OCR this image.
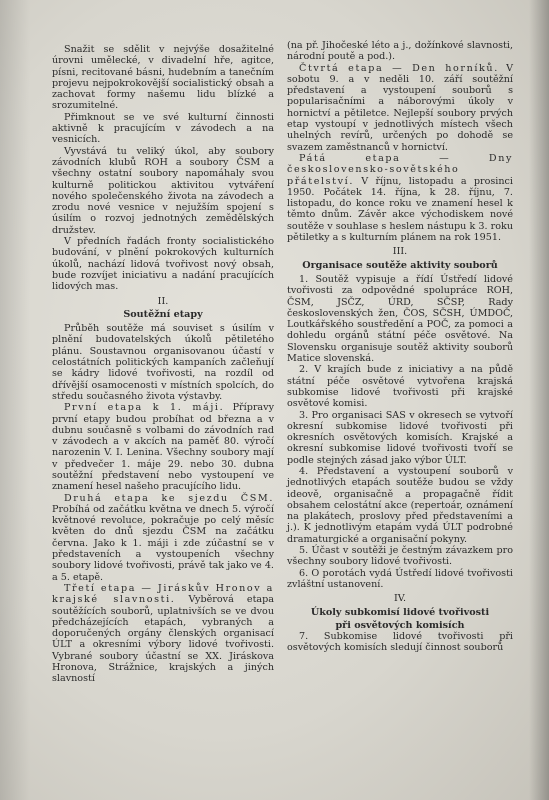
Snažit se sdělit v nejvýše dosažitelné úrovni umělecké, v divadelní hře, agitce, písni, recitované básni, hudebním a tanečním projevu nejpokrokovější socialistický obsah a zachovat formy našemu lidu blízké a srozumitelné.

Přimknout se ve své kulturní činnosti aktivně k pracujícím v závodech a na vesnicích.

Vyvstává tu veliký úkol, aby soubory závodních klubů ROH a soubory ČSM a všechny ostatní soubory napomáhaly svou kulturně politickou aktivitou vytváření nového společenského života na závodech a zrodu nové vesnice v nejužším spojení s úsilím o rozvoj jednotných zemědělských družstev.

V předních řadách fronty socialistického budování, v plnění pokrokových kulturních úkolů, nachází lidová tvořivost nový obsah, bude rozvíjet iniciativu a nadání pracujících lidových mas.

II.

Soutěžní etapy

Průběh soutěže má souviset s úsilím v plnění budovatelských úkolů pětiletého plánu. Soustavnou organisovanou účastí v celostátních politických kampaních začleňují se kádry lidové tvořivosti, na rozdíl od dřívější osamocenosti v místních spolcích, do středu současného života výstavby.

První etapa k 1. máji. Přípravy první etapy budou probíhat od března a v dubnu současně s volbami do závodních rad v závodech a v akcích na paměť 80. výročí narozenin V. I. Lenina. Všechny soubory mají v předvečer 1. máje 29. nebo 30. dubna soutěžní představení nebo vystoupení ve znamení hesel našeho pracujícího lidu.

Druhá etapa ke sjezdu ČSM. Probíhá od začátku května ve dnech 5. výročí květnové revoluce, pokračuje po celý měsíc květen do dnů sjezdu ČSM na začátku června. Jako k 1. máji i zde zúčastní se v představeních a vystoupeních všechny soubory lidové tvořivosti, právě tak jako ve 4. a 5. etapě.

Třetí etapa — Jiráskův Hronov a krajské slavnosti. Vyběrová etapa soutěžících souborů, uplatnivších se ve dvou předcházejících etapách, vybraných a doporučených orgány členských organisací ÚLT a okresními výbory lidové tvořivosti. Vybrané soubory účastní se XX. Jiráskova Hronova, Strážnice, krajských a jiných slavností

(na př. Jihočeské léto a j., dožínkové slavnosti, národní poutě a pod.).

Čtvrtá etapa — Den horníků. V sobotu 9. a v neděli 10. září soutěžní představení a vystoupení souborů s popularisačními a náborovými úkoly v hornictví a pětiletce. Nejlepší soubory prvých etap vystoupí v jednotlivých místech všech uhelných revírů, určených po dohodě se svazem zaměstnanců v hornictví.

Pátá etapa — Dny československo-sovětského přátelství. V říjnu, listopadu a prosinci 1950. Počátek 14. října, k 28. říjnu, 7. listopadu, do konce roku ve znamení hesel k těmto dnům. Závěr akce východiskem nové soutěže v souhlase s heslem nástupu k 3. roku pětiletky a s kulturním plánem na rok 1951.

III.

Organisace soutěže aktivity souborů

1. Soutěž vypisuje a řídí Ústředí lidové tvořivosti za odpovědné spolupráce ROH, ČSM, JSČZ, ÚRD, SČSP, Rady československých žen, ČOS, SČSH, ÚMDOČ, Loutkářského soustředění a POČ, za pomoci a dohledu orgánů státní péče osvětové. Na Slovensku organisuje soutěž aktivity souborů Matice slovenská.

2. V krajích bude z iniciativy a na půdě státní péče osvětové vytvořena krajská subkomise lidové tvořivosti při krajské osvětové komisi.

3. Pro organisaci SAS v okresech se vytvoří okresní subkomise lidové tvořivosti při okresních osvětových komisích. Krajské a okresní subkomise lidové tvořivosti tvoří se podle stejných zásad jako výbor ÚLT.

4. Představení a vystoupení souborů v jednotlivých etapách soutěže budou se vždy ideově, organisačně a propagačně řídit obsahem celostátní akce (repertoár, oznámení na plakátech, proslovy před představeními a j.). K jednotlivým etapám vydá ÚLT podrobné dramaturgické a organisační pokyny.

5. Účast v soutěži je čestným závazkem pro všechny soubory lidové tvořivosti.

6. O porotách vydá Ústředí lidové tvořivosti zvláštní ustanovení.

IV.

Úkoly subkomisí lidové tvořivosti

při osvětových komisích

7. Subkomise lidové tvořivosti při osvětových komisích sledují činnost souborů
